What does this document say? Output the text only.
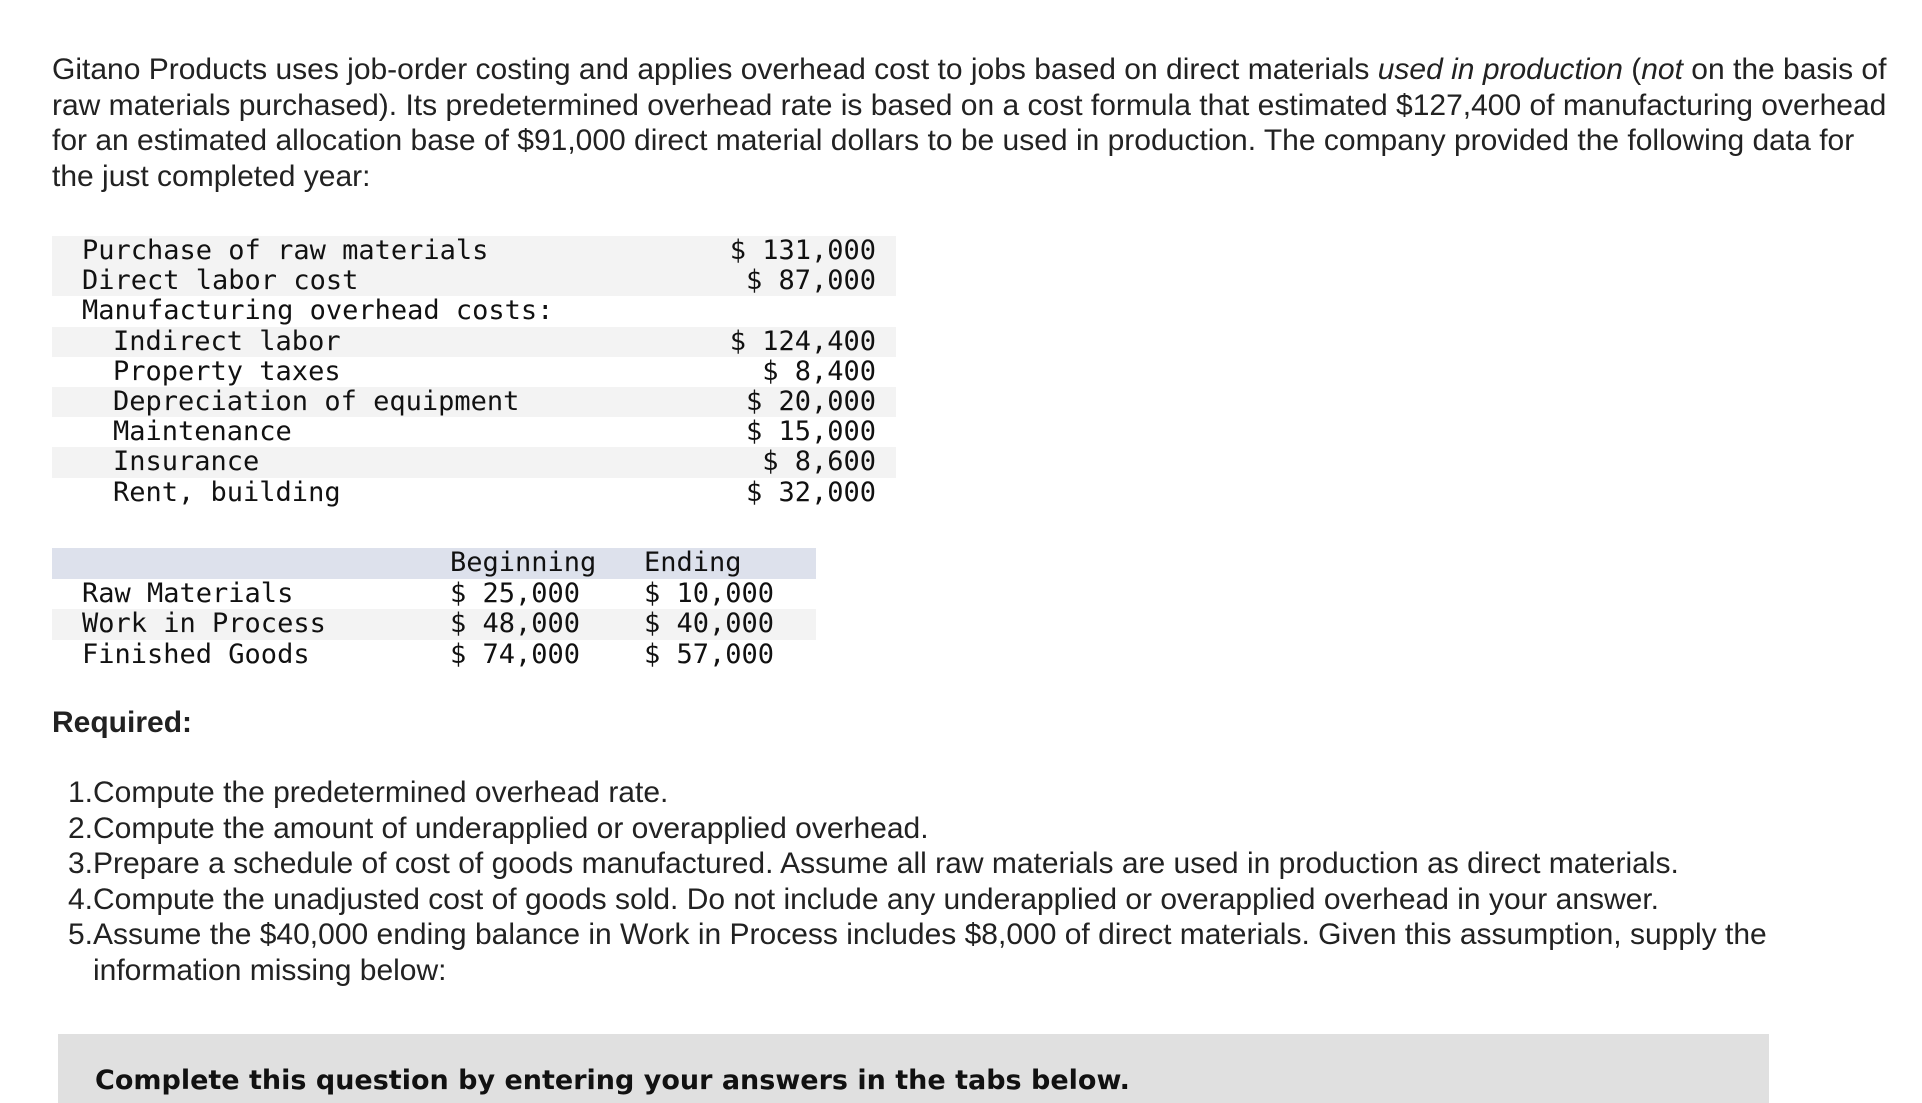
Gitano Products uses job-order costing and applies overhead cost to jobs based on direct materials used in production (not on the basis of raw materials purchased). Its predetermined overhead rate is based on a cost formula that estimated $127,400 of manufacturing overhead for an estimated allocation base of $91,000 direct material dollars to be used in production. The company provided the following data for the just completed year:

Purchase of raw materials	$ 131,000
Direct labor cost	$ 87,000
Manufacturing overhead costs:	
Indirect labor	$ 124,400
Property taxes	$ 8,400
Depreciation of equipment	$ 20,000
Maintenance	$ 15,000
Insurance	$ 8,600
Rent, building	$ 32,000
	Beginning	Ending
Raw Materials	$ 25,000	$ 10,000
Work in Process	$ 48,000	$ 40,000
Finished Goods	$ 74,000	$ 57,000

Required:

1. Compute the predetermined overhead rate.
2. Compute the amount of underapplied or overapplied overhead.
3. Prepare a schedule of cost of goods manufactured. Assume all raw materials are used in production as direct materials.
4. Compute the unadjusted cost of goods sold. Do not include any underapplied or overapplied overhead in your answer.
5. Assume the $40,000 ending balance in Work in Process includes $8,000 of direct materials. Given this assumption, supply the information missing below:
Complete this question by entering your answers in the tabs below.
